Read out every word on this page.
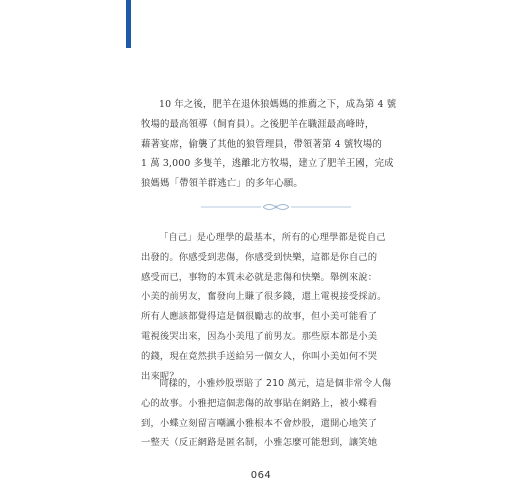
10 年之後，肥羊在退休狼媽媽的推薦之下，成為第 4 號
牧場的最高領導（飼育員）。之後肥羊在職涯最高峰時，
藉著宴席，偷襲了其他的狼管理員，帶領著第 4 號牧場的
1 萬 3,000 多隻羊，逃離北方牧場，建立了肥羊王國，完成
狼媽媽「帶領羊群逃亡」的多年心願。

「自己」是心理學的最基本，所有的心理學都是從自己
出發的。你感受到悲傷，你感受到快樂，這都是你自己的
感受而已，事物的本質未必就是悲傷和快樂。舉例來說：
小美的前男友，奮發向上賺了很多錢，還上電視接受採訪。
所有人應該都覺得這是個很勵志的故事，但小美可能看了
電視後哭出來，因為小美甩了前男友。那些原本都是小美
的錢，現在竟然拱手送給另一個女人，你叫小美如何不哭
出來呢？

同樣的，小雅炒股票賠了 210 萬元，這是個非常令人傷
心的故事。小雅把這個悲傷的故事貼在網路上，被小蝶看
到，小蝶立刻留言嘲諷小雅根本不會炒股，還開心地笑了
一整天（反正網路是匿名制，小雅怎麼可能想到，讓笑她

064
